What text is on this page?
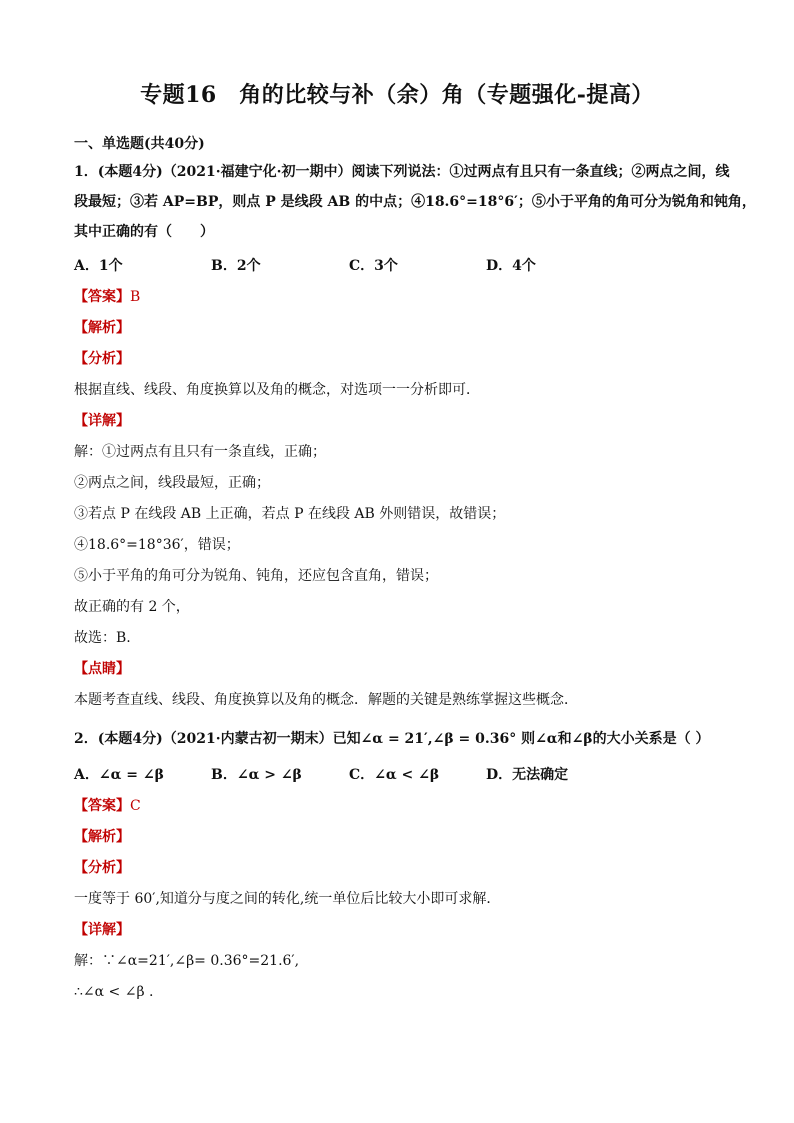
专题16　角的比较与补（余）角（专题强化-提高）
一、单选题(共40分)
1．(本题4分)（2021·福建宁化·初一期中）阅读下列说法：①过两点有且只有一条直线；②两点之间，线
段最短；③若 AP=BP，则点 P 是线段 AB 的中点；④18.6°=18°6′；⑤小于平角的角可分为锐角和钝角，
其中正确的有（　　）
A．1个	B．2个	C．3个	D．4个
【答案】B
【解析】
【分析】
根据直线、线段、角度换算以及角的概念，对选项一一分析即可．
【详解】
解：①过两点有且只有一条直线，正确；
②两点之间，线段最短，正确；
③若点 P 在线段 AB 上正确，若点 P 在线段 AB 外则错误，故错误；
④18.6°=18°36′，错误；
⑤小于平角的角可分为锐角、钝角，还应包含直角，错误；
故正确的有 2 个，
故选：B.
【点睛】
本题考查直线、线段、角度换算以及角的概念．解题的关键是熟练掌握这些概念．
2．(本题4分)（2021·内蒙古初一期末）已知∠α = 21′,∠β = 0.36° 则∠α和∠β的大小关系是（ ）
A．∠α = ∠β	B．∠α > ∠β	C．∠α < ∠β	D．无法确定
【答案】C
【解析】
【分析】
一度等于 60′,知道分与度之间的转化,统一单位后比较大小即可求解．
【详解】
解：∵∠α=21′,∠β= 0.36°=21.6′,
∴∠α < ∠β .
